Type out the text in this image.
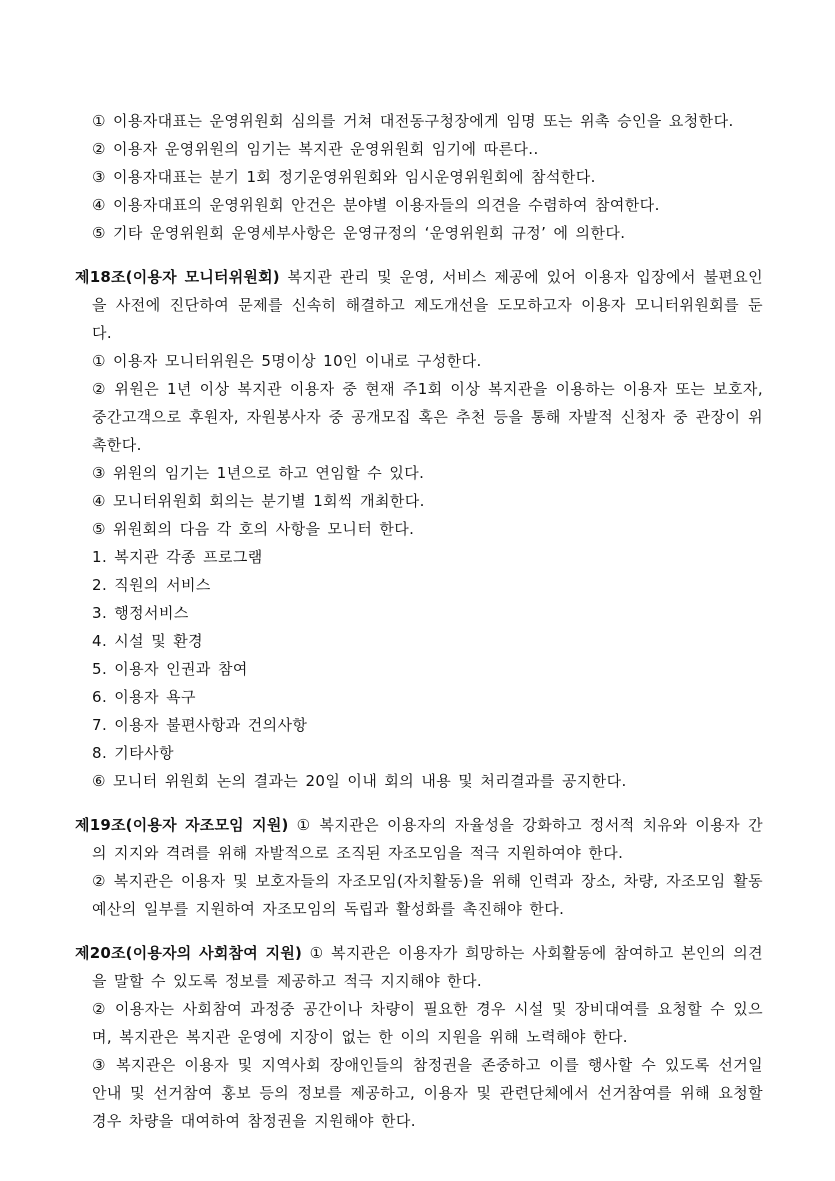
① 이용자대표는 운영위원회 심의를 거쳐 대전동구청장에게 임명 또는 위촉 승인을 요청한다.

② 이용자 운영위원의 임기는 복지관 운영위원회 임기에 따른다..

③ 이용자대표는 분기 1회 정기운영위원회와 임시운영위원회에 참석한다.

④ 이용자대표의 운영위원회 안건은 분야별 이용자들의 의견을 수렴하여 참여한다.

⑤ 기타 운영위원회 운영세부사항은 운영규정의 ‘운영위원회 규정’ 에 의한다.

제18조(이용자 모니터위원회) 복지관 관리 및 운영, 서비스 제공에 있어 이용자 입장에서 불편요인을 사전에 진단하여 문제를 신속히 해결하고 제도개선을 도모하고자 이용자 모니터위원회를 둔다.

① 이용자 모니터위원은 5명이상 10인 이내로 구성한다.

② 위원은 1년 이상 복지관 이용자 중 현재 주1회 이상 복지관을 이용하는 이용자 또는 보호자, 중간고객으로 후원자, 자원봉사자 중 공개모집 혹은 추천 등을 통해 자발적 신청자 중 관장이 위촉한다.

③ 위원의 임기는 1년으로 하고 연임할 수 있다.

④ 모니터위원회 회의는 분기별 1회씩 개최한다.

⑤ 위원회의 다음 각 호의 사항을 모니터 한다.

1. 복지관 각종 프로그램

2. 직원의 서비스

3. 행정서비스

4. 시설 및 환경

5. 이용자 인권과 참여

6. 이용자 욕구

7. 이용자 불편사항과 건의사항

8. 기타사항

⑥ 모니터 위원회 논의 결과는 20일 이내 회의 내용 및 처리결과를 공지한다.

제19조(이용자 자조모임 지원) ① 복지관은 이용자의 자율성을 강화하고 정서적 치유와 이용자 간의 지지와 격려를 위해 자발적으로 조직된 자조모임을 적극 지원하여야 한다.

② 복지관은 이용자 및 보호자들의 자조모임(자치활동)을 위해 인력과 장소, 차량, 자조모임 활동예산의 일부를 지원하여 자조모임의 독립과 활성화를 촉진해야 한다.

제20조(이용자의 사회참여 지원) ① 복지관은 이용자가 희망하는 사회활동에 참여하고 본인의 의견을 말할 수 있도록 정보를 제공하고 적극 지지해야 한다.

② 이용자는 사회참여 과정중 공간이나 차량이 필요한 경우 시설 및 장비대여를 요청할 수 있으며, 복지관은 복지관 운영에 지장이 없는 한 이의 지원을 위해 노력해야 한다.

③ 복지관은 이용자 및 지역사회 장애인들의 참정권을 존중하고 이를 행사할 수 있도록 선거일 안내 및 선거참여 홍보 등의 정보를 제공하고, 이용자 및 관련단체에서 선거참여를 위해 요청할 경우 차량을 대여하여 참정권을 지원해야 한다.
